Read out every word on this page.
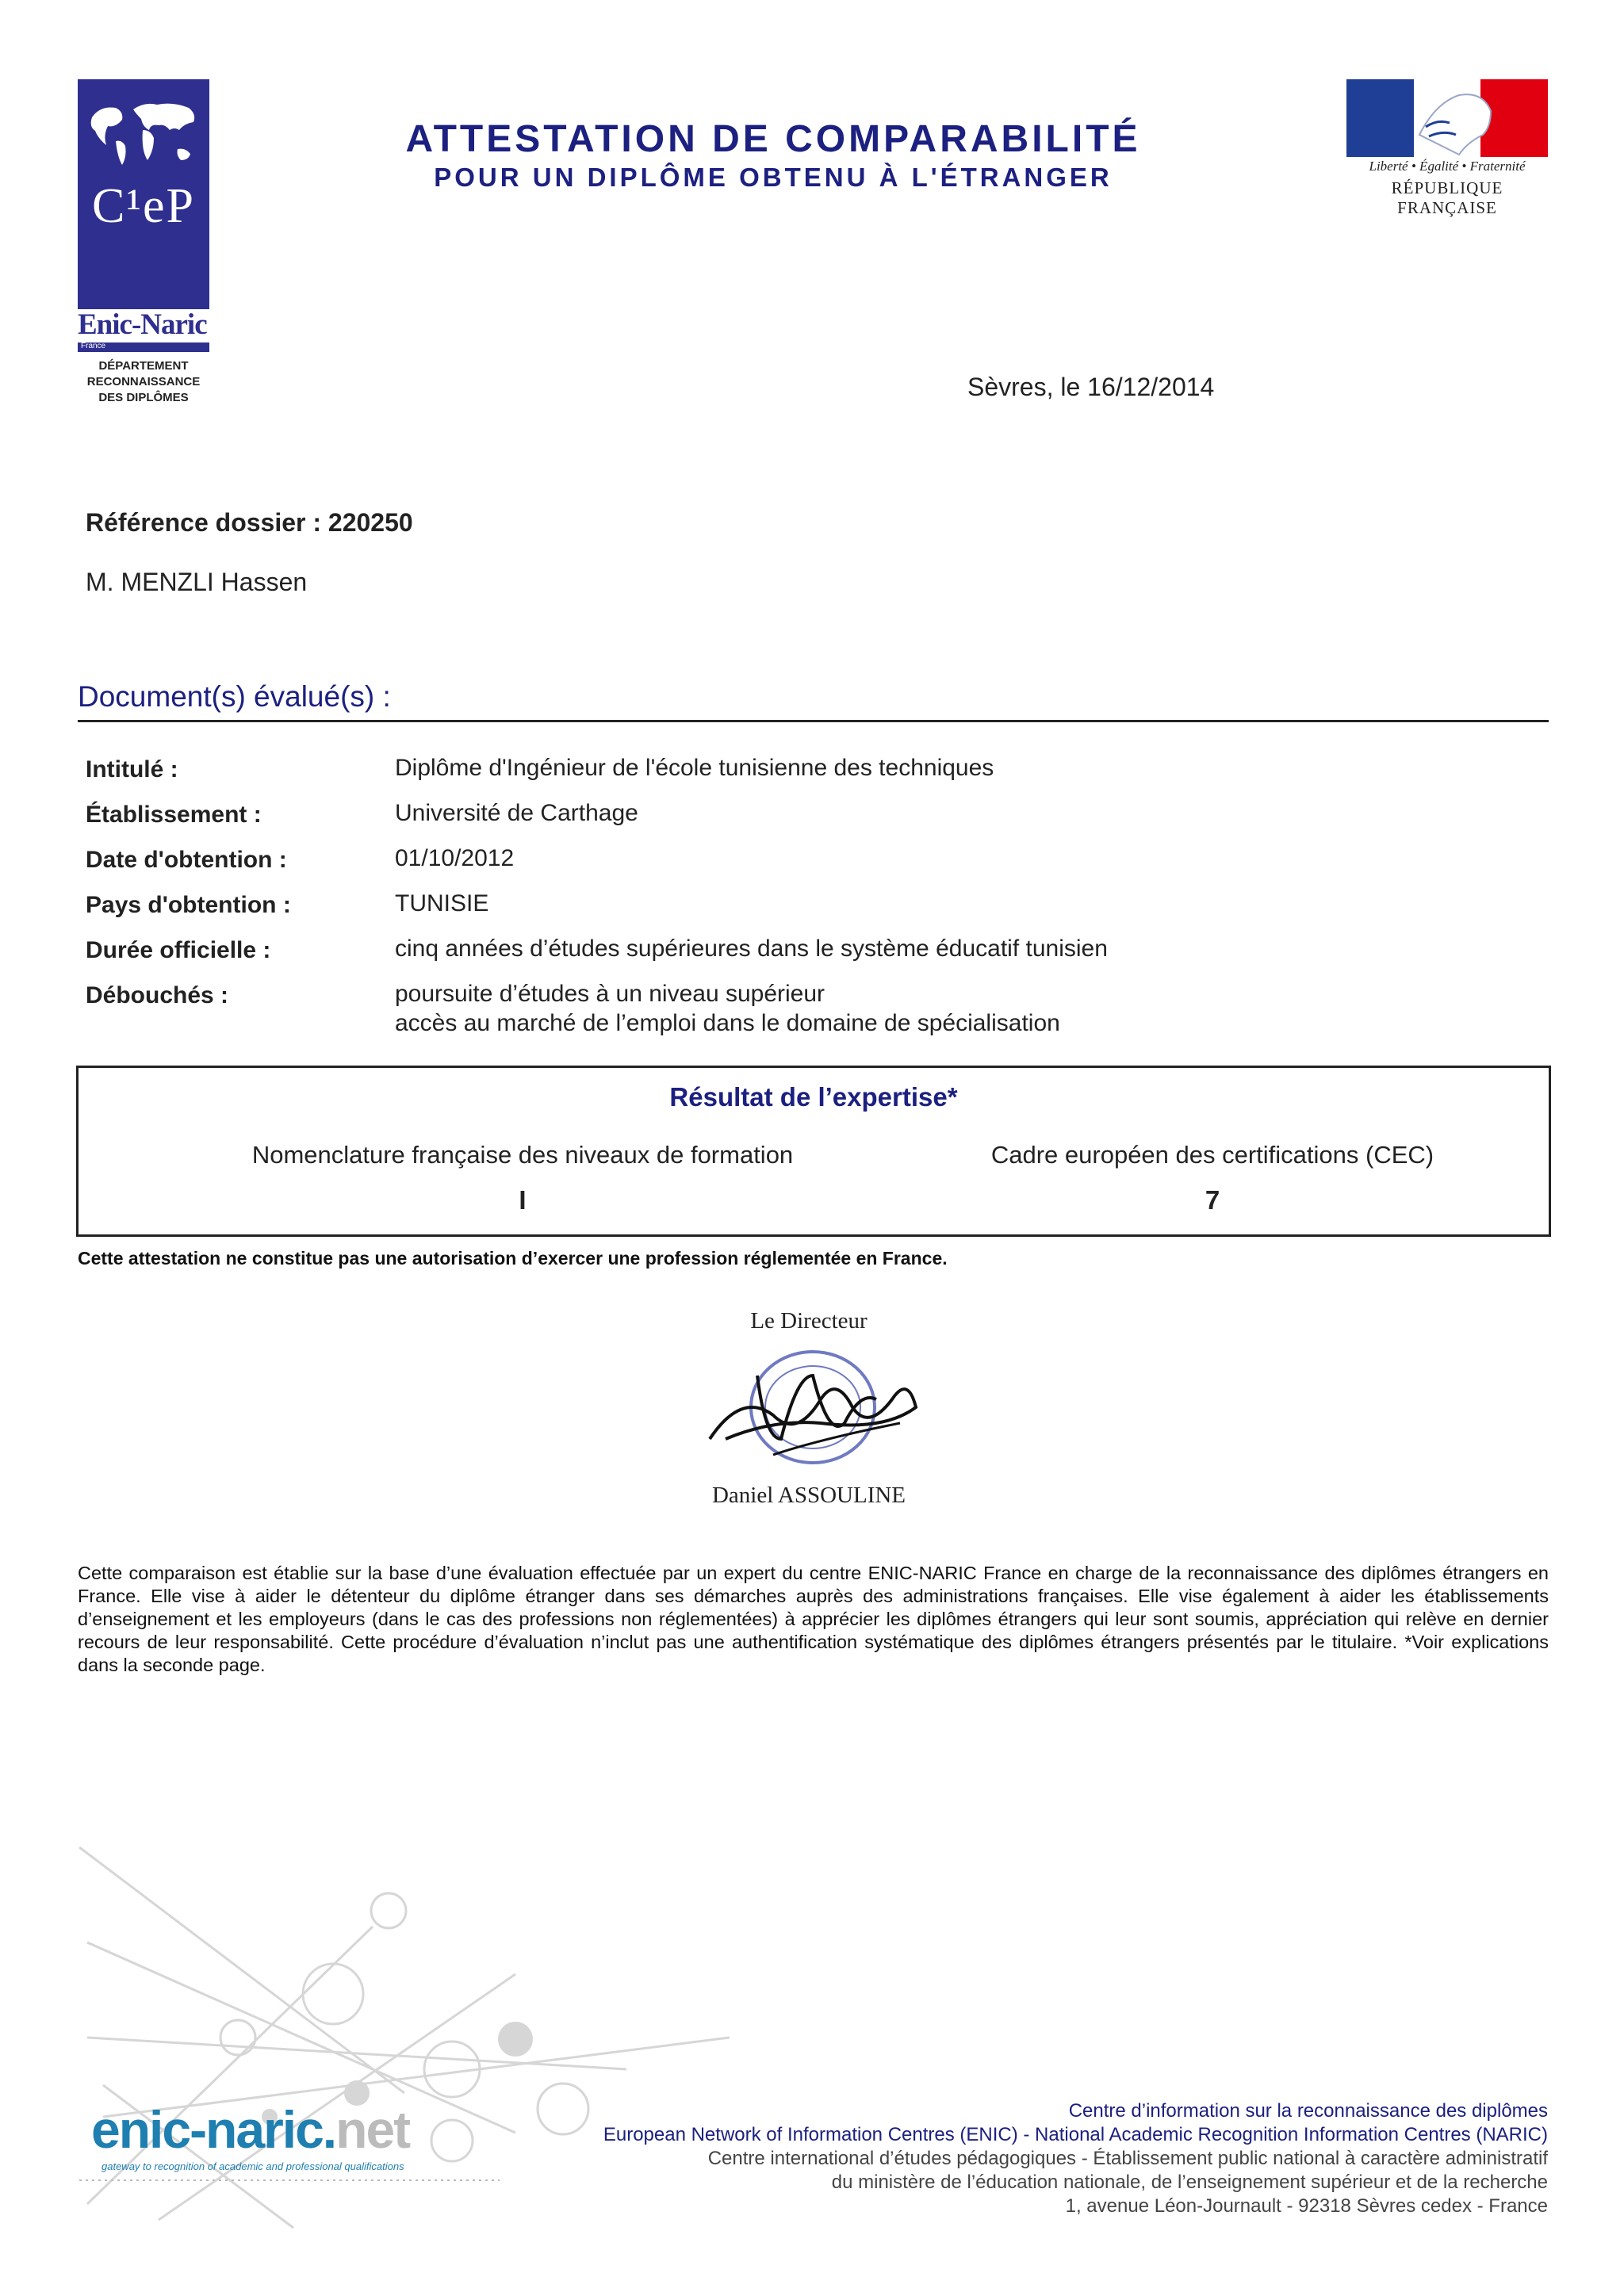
C¹eP
Enic-Naric
France
DÉPARTEMENT
RECONNAISSANCE
DES DIPLÔMES
ATTESTATION DE COMPARABILITÉ
POUR UN DIPLÔME OBTENU À L'ÉTRANGER	Liberté • Égalité • Fraternité
RÉPUBLIQUE FRANÇAISE
Sèvres, le 16/12/2014
Référence dossier : 220250
M. MENZLI Hassen
Document(s) évalué(s) :
Intitulé :	Diplôme d'Ingénieur de l'école tunisienne des techniques
Établissement :	Université de Carthage
Date d'obtention :	01/10/2012
Pays d'obtention :	TUNISIE
Durée officielle :	cinq années d’études supérieures dans le système éducatif tunisien
Débouchés :	poursuite d’études à un niveau supérieur
accès au marché de l’emploi dans le domaine de spécialisation
Résultat de l’expertise*
Nomenclature française des niveaux de formation	Cadre européen des certifications (CEC)
I	7
Cette attestation ne constitue pas une autorisation d’exercer une profession réglementée en France.
Le Directeur
Daniel ASSOULINE
Cette comparaison est établie sur la base d’une évaluation effectuée par un expert du centre ENIC-NARIC France en charge de la reconnaissance des diplômes étrangers en France. Elle vise à aider le détenteur du diplôme étranger dans ses démarches auprès des administrations françaises. Elle vise également à aider les établissements d’enseignement et les employeurs (dans le cas des professions non réglementées) à apprécier les diplômes étrangers qui leur sont soumis, appréciation qui relève en dernier recours de leur responsabilité. Cette procédure d’évaluation n’inclut pas une authentification systématique des diplômes étrangers présentés par le titulaire. *Voir explications dans la seconde page.
enic-naric.net
gateway to recognition of academic and professional qualifications
Centre d’information sur la reconnaissance des diplômes
European Network of Information Centres (ENIC) - National Academic Recognition Information Centres (NARIC)
Centre international d’études pédagogiques - Établissement public national à caractère administratif
du ministère de l’éducation nationale, de l’enseignement supérieur et de la recherche
1, avenue Léon-Journault - 92318 Sèvres cedex - France
